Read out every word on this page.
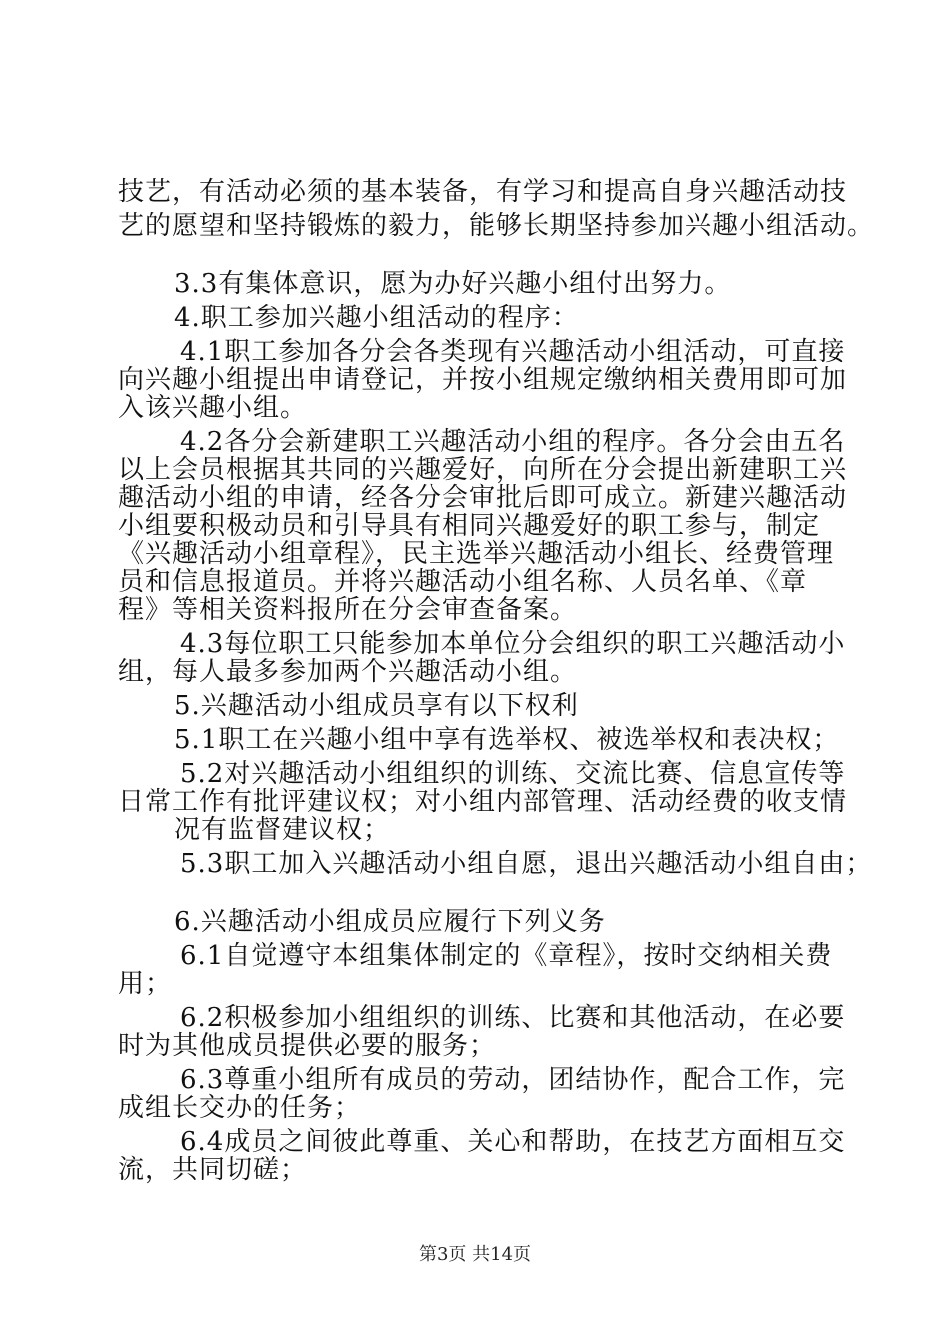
技艺，有活动必须的基本装备，有学习和提高自身兴趣活动技

艺的愿望和坚持锻炼的毅力，能够长期坚持参加兴趣小组活动。

3.3有集体意识，愿为办好兴趣小组付出努力。

4.职工参加兴趣小组活动的程序：

4.1职工参加各分会各类现有兴趣活动小组活动，可直接

向兴趣小组提出申请登记，并按小组规定缴纳相关费用即可加

入该兴趣小组。

4.2各分会新建职工兴趣活动小组的程序。各分会由五名

以上会员根据其共同的兴趣爱好，向所在分会提出新建职工兴

趣活动小组的申请，经各分会审批后即可成立。新建兴趣活动

小组要积极动员和引导具有相同兴趣爱好的职工参与，制定

《兴趣活动小组章程》，民主选举兴趣活动小组长、经费管理

员和信息报道员。并将兴趣活动小组名称、人员名单、《章

程》等相关资料报所在分会审查备案。

4.3每位职工只能参加本单位分会组织的职工兴趣活动小

组，每人最多参加两个兴趣活动小组。

5.兴趣活动小组成员享有以下权利

5.1职工在兴趣小组中享有选举权、被选举权和表决权；

5.2对兴趣活动小组组织的训练、交流比赛、信息宣传等

日常工作有批评建议权；对小组内部管理、活动经费的收支情

况有监督建议权；

5.3职工加入兴趣活动小组自愿，退出兴趣活动小组自由；

6.兴趣活动小组成员应履行下列义务

6.1自觉遵守本组集体制定的《章程》，按时交纳相关费

用；

6.2积极参加小组组织的训练、比赛和其他活动，在必要

时为其他成员提供必要的服务；

6.3尊重小组所有成员的劳动，团结协作，配合工作，完

成组长交办的任务；

6.4成员之间彼此尊重、关心和帮助，在技艺方面相互交

流，共同切磋；

第3页 共14页
